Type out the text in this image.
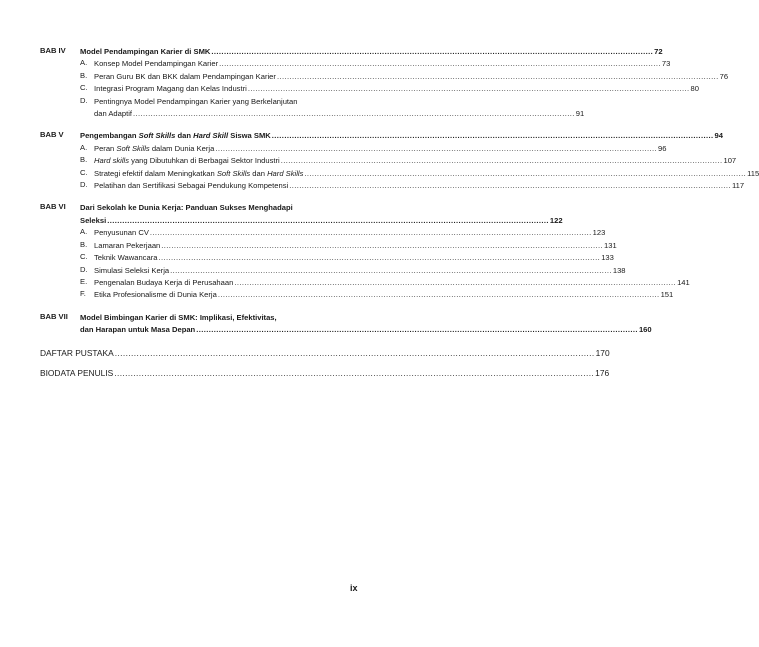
BAB IV Model Pendampingan Karier di SMK .....	72
A. Konsep Model Pendampingan Karier .....	73
B. Peran Guru BK dan BKK dalam Pendampingan Karier .....	76
C. Integrasi Program Magang dan Kelas Industri .....	80
D. Pentingnya Model Pendampingan Karier yang Berkelanjutan
dan Adaptif .....	91
BAB V Pengembangan Soft Skills dan Hard Skill Siswa SMK .....	94
A. Peran Soft Skills dalam Dunia Kerja .....	96
B. Hard skills yang Dibutuhkan di Berbagai Sektor Industri .....	107
C. Strategi efektif dalam Meningkatkan Soft Skills dan Hard Skills .....	115
D. Pelatihan dan Sertifikasi Sebagai Pendukung Kompetensi .....	117
BAB VI Dari Sekolah ke Dunia Kerja: Panduan Sukses Menghadapi
Seleksi .....	122
A. Penyusunan CV .....	123
B. Lamaran Pekerjaan .....	131
C. Teknik Wawancara .....	133
D. Simulasi Seleksi Kerja .....	138
E. Pengenalan Budaya Kerja di Perusahaan .....	141
F.	Etika Profesionalisme di Dunia Kerja .....	151
BAB VII Model Bimbingan Karier di SMK: Implikasi, Efektivitas,
dan Harapan untuk Masa Depan .....	160
DAFTAR PUSTAKA .....	170
BIODATA PENULIS .....	176
ix
